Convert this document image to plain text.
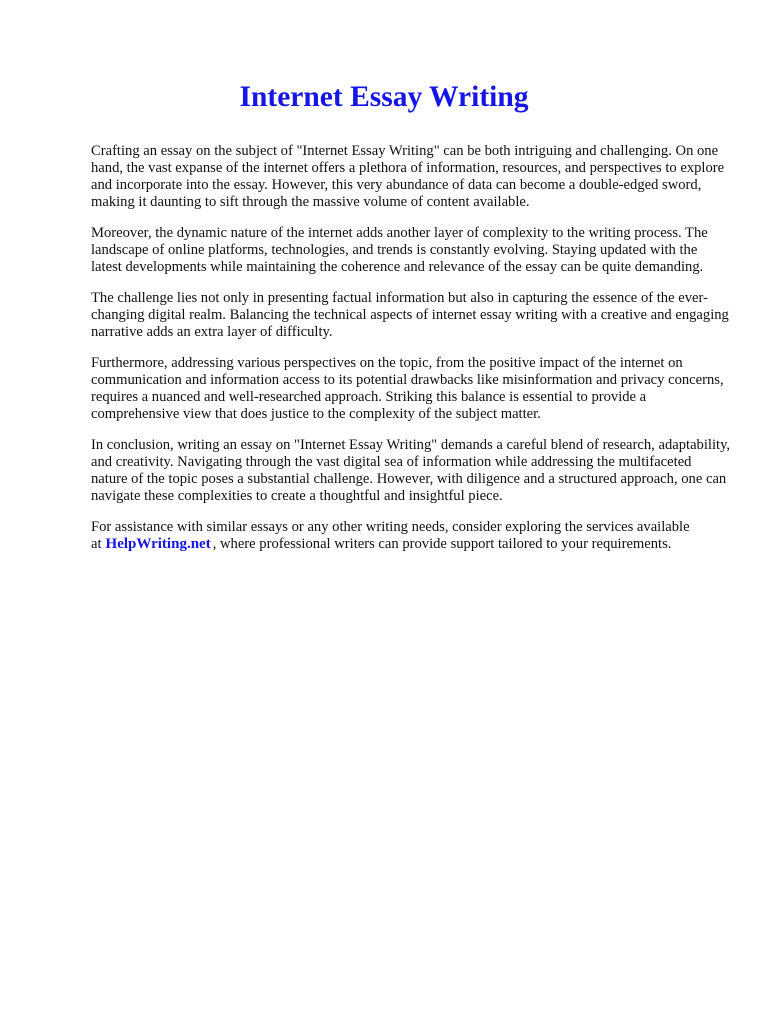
Internet Essay Writing

Crafting an essay on the subject of "Internet Essay Writing" can be both intriguing and challenging. On one hand, the vast expanse of the internet offers a plethora of information, resources, and perspectives to explore and incorporate into the essay. However, this very abundance of data can become a double-edged sword, making it daunting to sift through the massive volume of content available.

Moreover, the dynamic nature of the internet adds another layer of complexity to the writing process. The landscape of online platforms, technologies, and trends is constantly evolving. Staying updated with the latest developments while maintaining the coherence and relevance of the essay can be quite demanding.

The challenge lies not only in presenting factual information but also in capturing the essence of the ever-changing digital realm. Balancing the technical aspects of internet essay writing with a creative and engaging narrative adds an extra layer of difficulty.

Furthermore, addressing various perspectives on the topic, from the positive impact of the internet on communication and information access to its potential drawbacks like misinformation and privacy concerns, requires a nuanced and well-researched approach. Striking this balance is essential to provide a comprehensive view that does justice to the complexity of the subject matter.

In conclusion, writing an essay on "Internet Essay Writing" demands a careful blend of research, adaptability, and creativity. Navigating through the vast digital sea of information while addressing the multifaceted nature of the topic poses a substantial challenge. However, with diligence and a structured approach, one can navigate these complexities to create a thoughtful and insightful piece.

For assistance with similar essays or any other writing needs, consider exploring the services available at HelpWriting.net , where professional writers can provide support tailored to your requirements.
